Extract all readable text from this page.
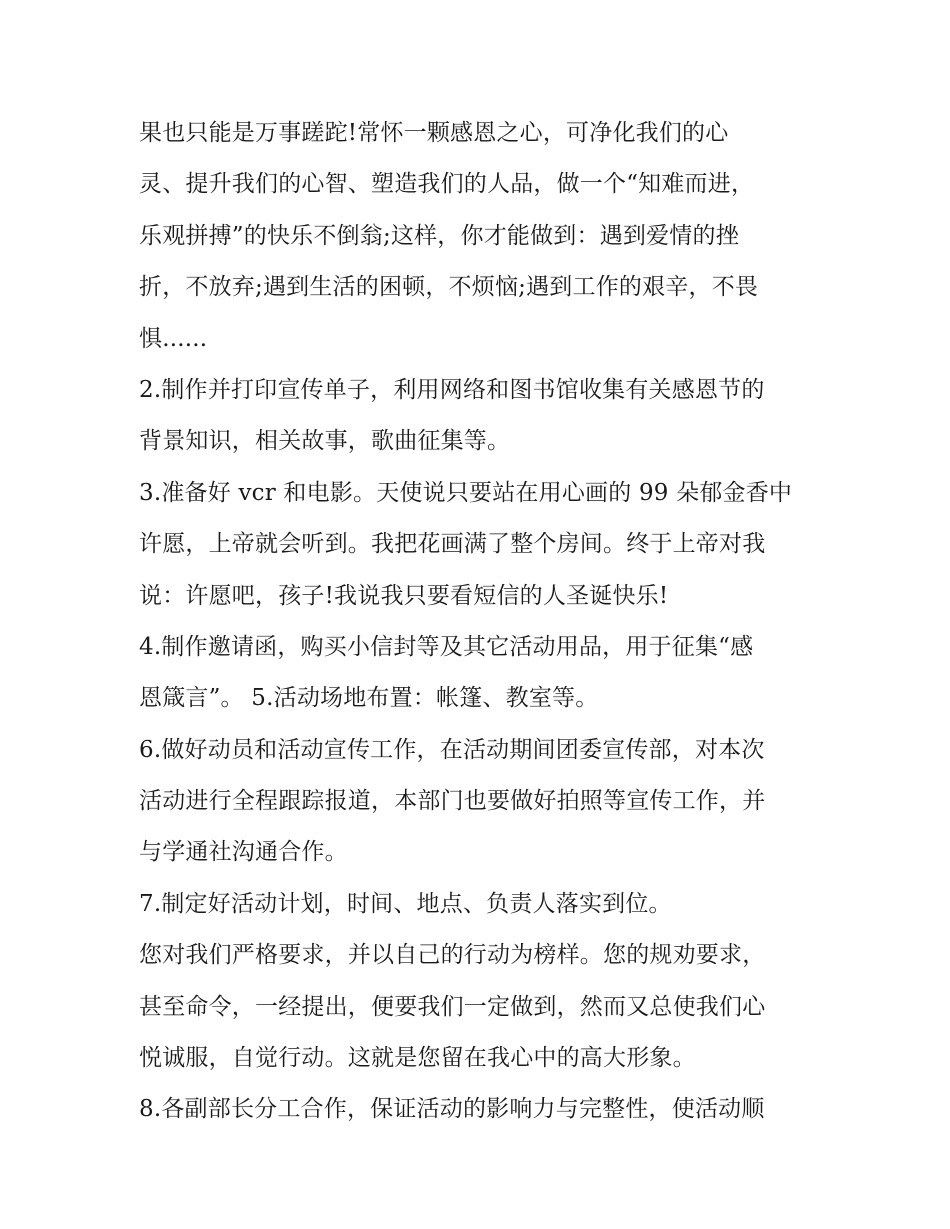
果也只能是万事蹉跎!常怀一颗感恩之心，可净化我们的心
灵、提升我们的心智、塑造我们的人品，做一个“知难而进，
乐观拼搏”的快乐不倒翁;这样，你才能做到：遇到爱情的挫
折，不放弃;遇到生活的困顿，不烦恼;遇到工作的艰辛，不畏
惧......
2.制作并打印宣传单子，利用网络和图书馆收集有关感恩节的
背景知识，相关故事，歌曲征集等。
3.准备好 vcr 和电影。天使说只要站在用心画的 99 朵郁金香中
许愿，上帝就会听到。我把花画满了整个房间。终于上帝对我
说：许愿吧，孩子!我说我只要看短信的人圣诞快乐!
4.制作邀请函，购买小信封等及其它活动用品，用于征集“感
恩箴言”。 5.活动场地布置：帐篷、教室等。
6.做好动员和活动宣传工作，在活动期间团委宣传部，对本次
活动进行全程跟踪报道，本部门也要做好拍照等宣传工作，并
与学通社沟通合作。
7.制定好活动计划，时间、地点、负责人落实到位。
您对我们严格要求，并以自己的行动为榜样。您的规劝要求，
甚至命令，一经提出，便要我们一定做到，然而又总使我们心
悦诚服，自觉行动。这就是您留在我心中的高大形象。
8.各副部长分工合作，保证活动的影响力与完整性，使活动顺
